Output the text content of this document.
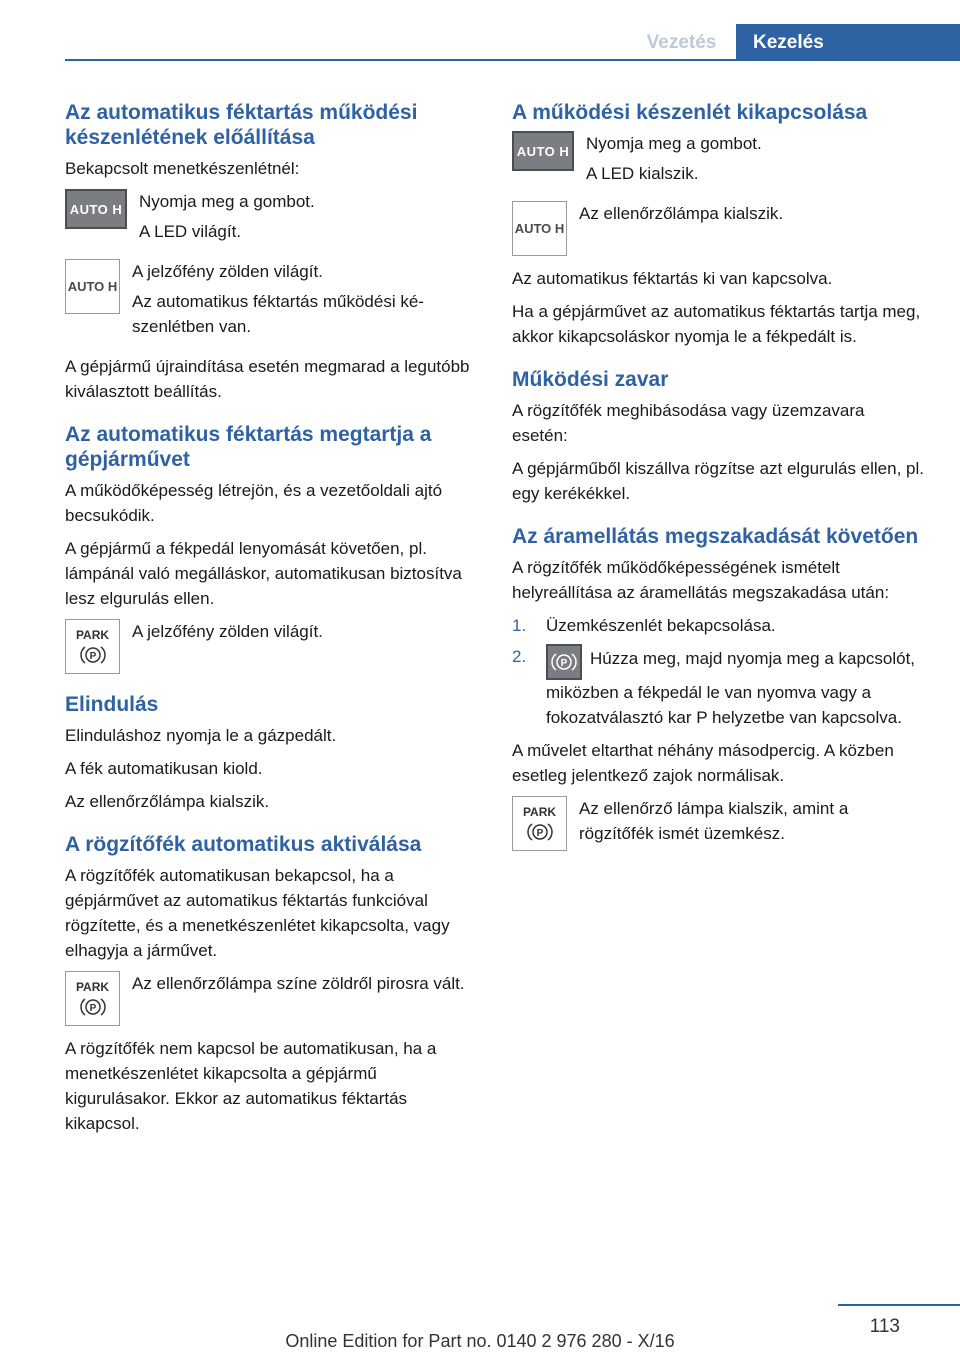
Vezetés	Kezelés
Az automatikus féktartás működési készenlétének előállítása

Bekapcsolt menetkészenlétnél:

AUTO H Nyomja meg a gombot.

A LED világít.

AUTO H

A jelzőfény zölden világít.

Az automatikus féktartás működési készenlétben van.

A gépjármű újraindítása esetén megmarad a legutóbb kiválasztott beállítás.

Az automatikus féktartás megtartja a gépjárművet

A működőképesség létrejön, és a vezetőoldali ajtó becsukódik.

A gépjármű a fékpedál lenyomását követően, pl. lámpánál való megálláskor, automatikusan biztosítva lesz elgurulás ellen.

PARK
P

A jelzőfény zölden világít.

Elindulás

Elinduláshoz nyomja le a gázpedált.

A fék automatikusan kiold.

Az ellenőrzőlámpa kialszik.

A rögzítőfék automatikus aktiválása

A rögzítőfék automatikusan bekapcsol, ha a gépjárművet az automatikus féktartás funkcióval rögzítette, és a menetkészenlétet kikapcsolta, vagy elhagyja a járművet.

PARK
P

Az ellenőrzőlámpa színe zöldről pirosra vált.

A rögzítőfék nem kapcsol be automatikusan, ha a menetkészenlétet kikapcsolta a gépjármű kigurulásakor. Ekkor az automatikus féktartás kikapcsol.

A működési készenlét kikapcsolása
AUTO H Nyomja meg a gombot.

A LED kialszik.

AUTO H

Az ellenőrzőlámpa kialszik.

Az automatikus féktartás ki van kapcsolva.

Ha a gépjárművet az automatikus féktartás tartja meg, akkor kikapcsoláskor nyomja le a fékpedált is.

Működési zavar

A rögzítőfék meghibásodása vagy üzemzavara esetén:

A gépjárműből kiszállva rögzítse azt elgurulás ellen, pl. egy kerékékkel.

Az áramellátás megszakadását követően

A rögzítőfék működőképességének ismételt helyreállítása az áramellátás megszakadása után:

1.	Üzemkészenlét bekapcsolása.
2.	P Húzza meg, majd nyomja meg a kapcsolót, miközben a fékpedál le van nyomva vagy a fokozatválasztó kar P helyzetbe van kapcsolva.

A művelet eltarthat néhány másodpercig. A közben esetleg jelentkező zajok normálisak.

PARK
P

Az ellenőrző lámpa kialszik, amint a rögzítőfék ismét üzemkész.

113
Online Edition for Part no. 0140 2 976 280 - X/16
